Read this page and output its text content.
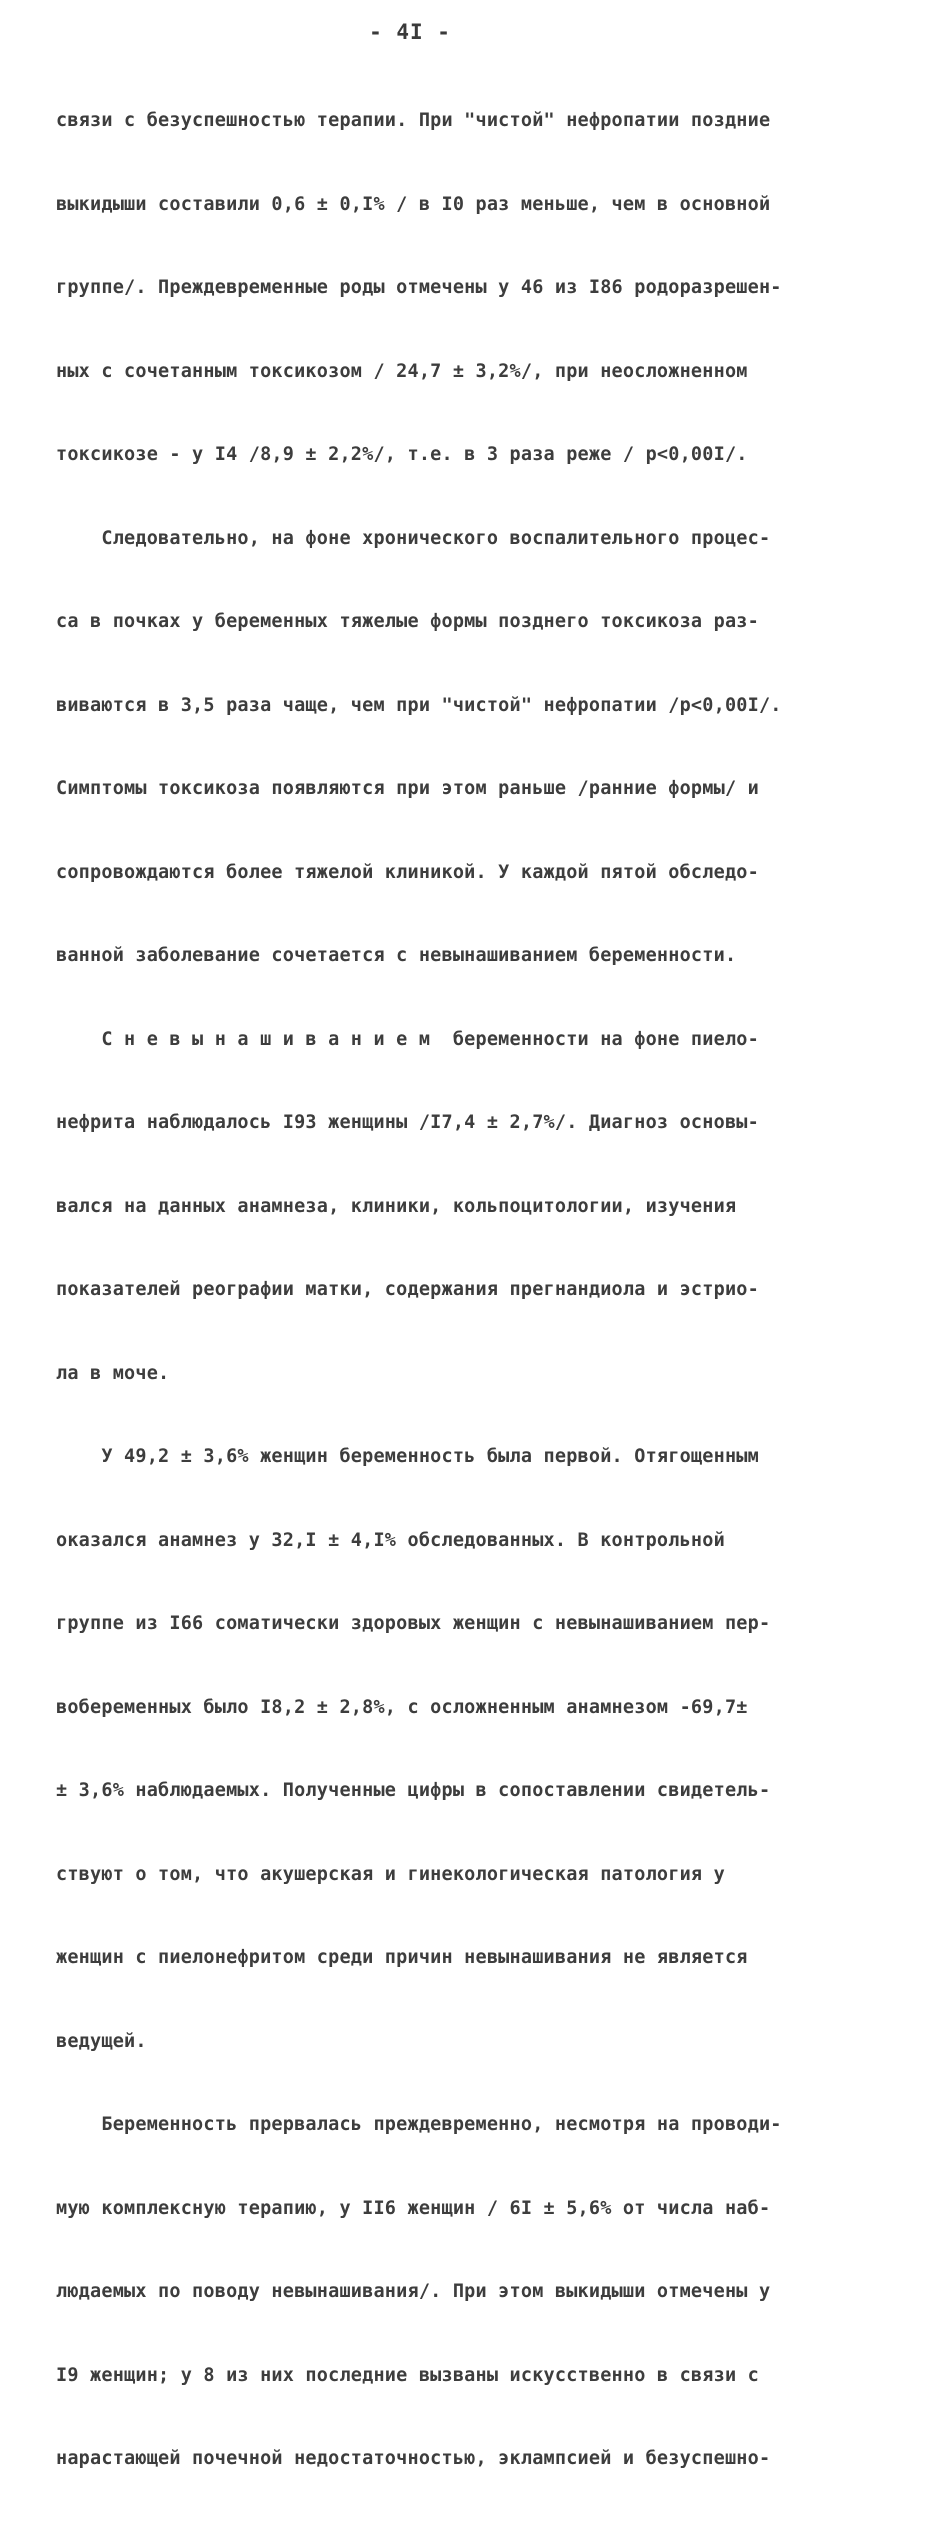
- 4I -

связи с безуспешностью терапии. При "чистой" нефропатии поздние

выкидыши составили 0,6 ± 0,I% / в I0 раз меньше, чем в основной

группе/. Преждевременные роды отмечены у 46 из I86 родоразрешен-

ных с сочетанным токсикозом / 24,7 ± 3,2%/, при неосложненном

токсикозе - у I4 /8,9 ± 2,2%/, т.е. в 3 раза реже / p<0,00I/.

Следовательно, на фоне хронического воспалительного процес-

са в почках у беременных тяжелые формы позднего токсикоза раз-

виваются в 3,5 раза чаще, чем при "чистой" нефропатии /p<0,00I/.

Симптомы токсикоза появляются при этом раньше /ранние формы/ и

сопровождаются более тяжелой клиникой. У каждой пятой обследо-

ванной заболевание сочетается с невынашиванием беременности.

С н е в ы н а ш и в а н и е м  беременности на фоне пиело-

нефрита наблюдалось I93 женщины /I7,4 ± 2,7%/. Диагноз основы-

вался на данных анамнеза, клиники, кольпоцитологии, изучения

показателей реографии матки, содержания прегнандиола и эстрио-

ла в моче.

У 49,2 ± 3,6% женщин беременность была первой. Отягощенным

оказался анамнез у 32,I ± 4,I% обследованных. В контрольной

группе из I66 соматически здоровых женщин с невынашиванием пер-

вобеременных было I8,2 ± 2,8%, с осложненным анамнезом -69,7±

± 3,6% наблюдаемых. Полученные цифры в сопоставлении свидетель-

ствуют о том, что акушерская и гинекологическая патология у

женщин с пиелонефритом среди причин невынашивания не является

ведущей.

Беременность прервалась преждевременно, несмотря на проводи-

мую комплексную терапию, у II6 женщин / 6I ± 5,6% от числа наб-

людаемых по поводу невынашивания/. При этом выкидыши отмечены у

I9 женщин; у 8 из них последние вызваны искусственно в связи с

нарастающей почечной недостаточностью, эклампсией и безуспешно-
